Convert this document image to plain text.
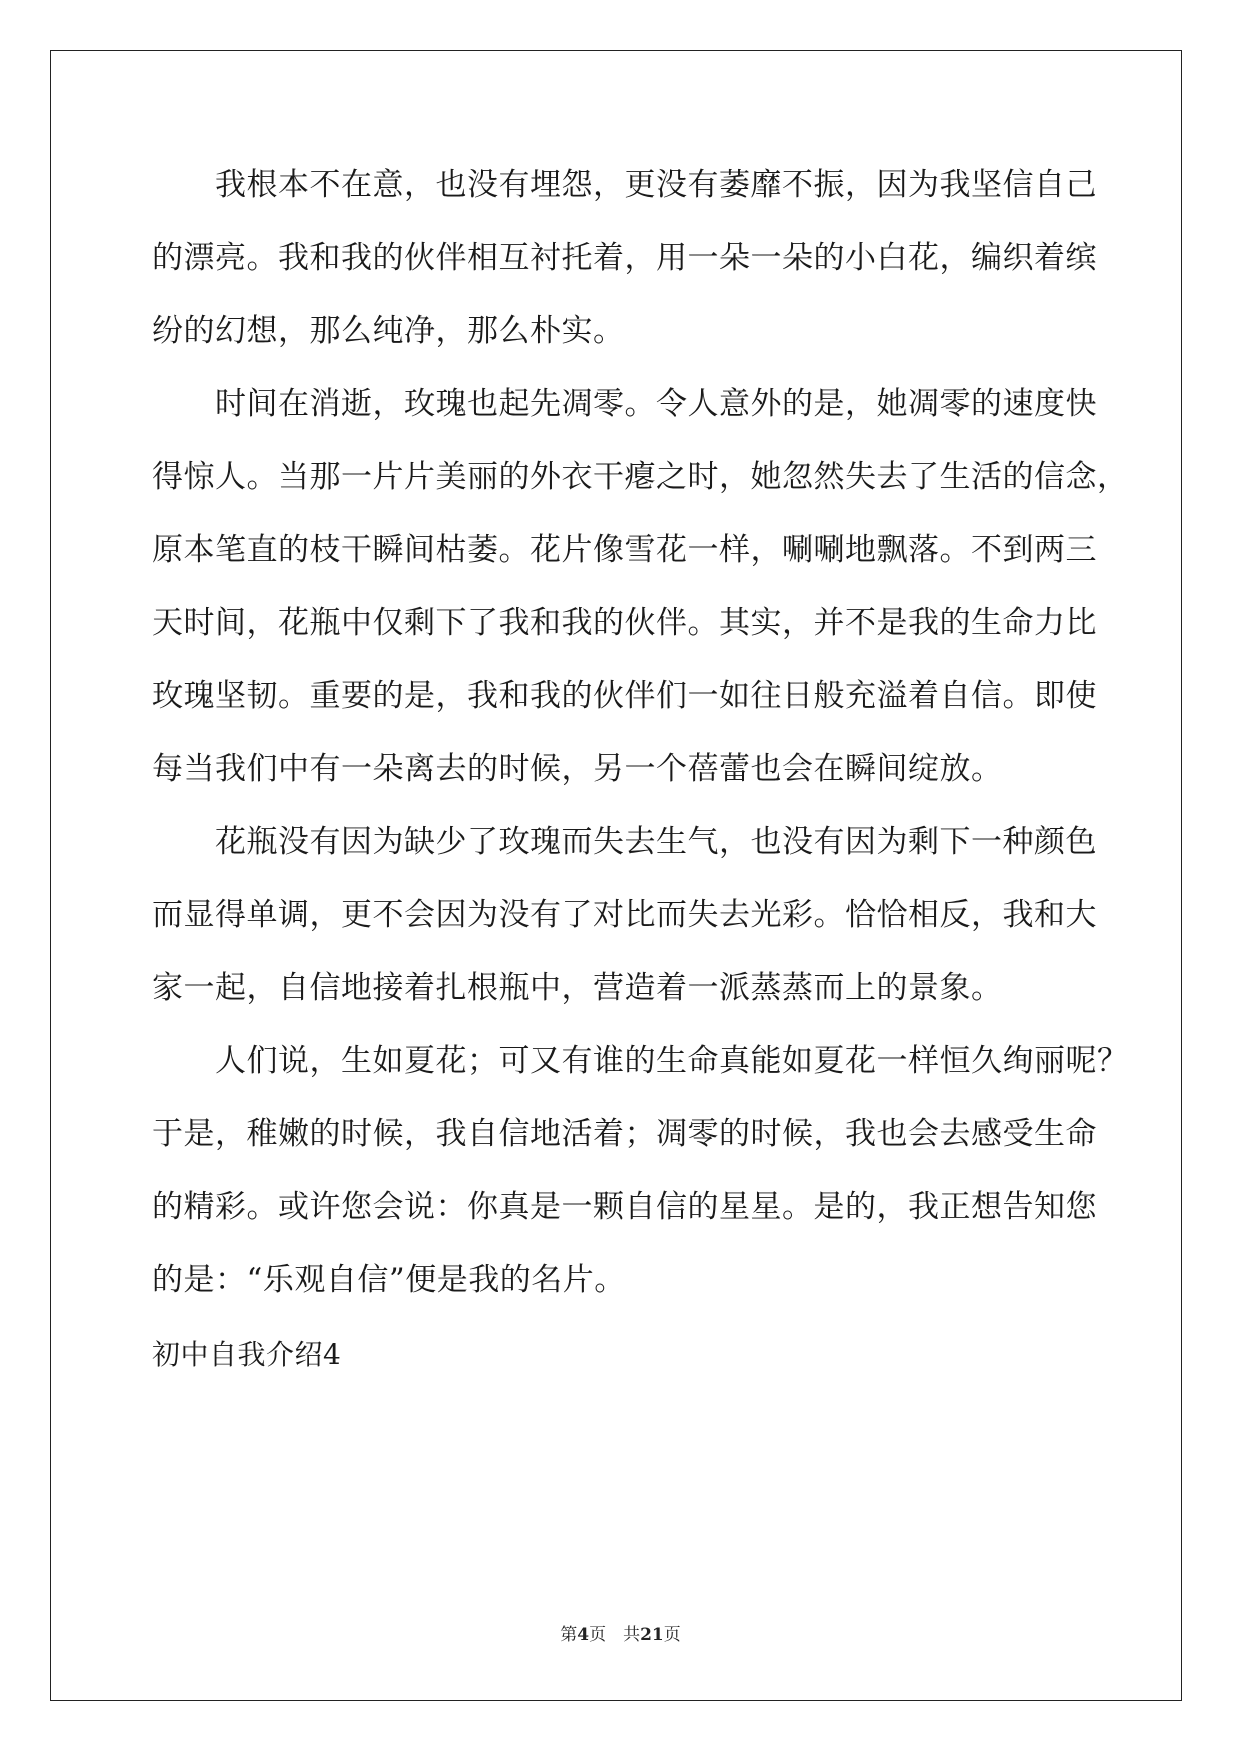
　　我根本不在意，也没有埋怨，更没有萎靡不振，因为我坚信自己
的漂亮。我和我的伙伴相互衬托着，用一朵一朵的小白花，编织着缤
纷的幻想，那么纯净，那么朴实。
　　时间在消逝，玫瑰也起先凋零。令人意外的是，她凋零的速度快
得惊人。当那一片片美丽的外衣干瘪之时，她忽然失去了生活的信念，
原本笔直的枝干瞬间枯萎。花片像雪花一样，唰唰地飘落。不到两三
天时间，花瓶中仅剩下了我和我的伙伴。其实，并不是我的生命力比
玫瑰坚韧。重要的是，我和我的伙伴们一如往日般充溢着自信。即使
每当我们中有一朵离去的时候，另一个蓓蕾也会在瞬间绽放。
　　花瓶没有因为缺少了玫瑰而失去生气，也没有因为剩下一种颜色
而显得单调，更不会因为没有了对比而失去光彩。恰恰相反，我和大
家一起，自信地接着扎根瓶中，营造着一派蒸蒸而上的景象。
　　人们说，生如夏花；可又有谁的生命真能如夏花一样恒久绚丽呢？
于是，稚嫩的时候，我自信地活着；凋零的时候，我也会去感受生命
的精彩。或许您会说：你真是一颗自信的星星。是的，我正想告知您
的是：“乐观自信”便是我的名片。
初中自我介绍4
第4页　共21页
